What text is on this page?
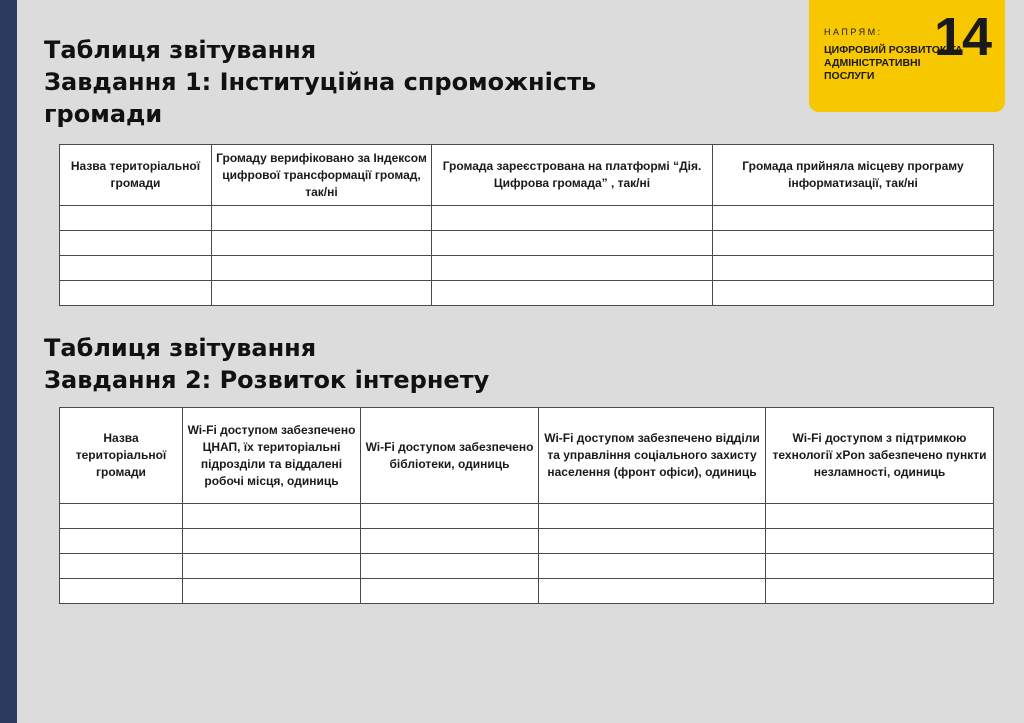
НАПРЯМ:
ЦИФРОВИЙ РОЗВИТОК ТА АДМІНІСТРАТИВНІ ПОСЛУГИ
14
Таблиця звітування
Завдання 1: Інституційна спроможність
громади
Назва територіальної громади	Громаду верифіковано за Індексом цифрової трансформації громад, так/ні	Громада зареєстрована на платформі “Дія. Цифрова громада” , так/ні	Громада прийняла місцеву програму інформатизації, так/ні

Таблиця звітування
Завдання 2: Розвиток інтернету
Назва територіальної громади	Wi-Fi доступом забезпечено ЦНАП, їх територіальні підрозділи та віддалені робочі місця, одиниць	Wi-Fi доступом забезпечено бібліотеки, одиниць	Wi-Fi доступом забезпечено відділи та управління соціального захисту населення (фронт офіси), одиниць	Wi-Fi доступом з підтримкою технології xPon забезпечено пункти незламності, одиниць
